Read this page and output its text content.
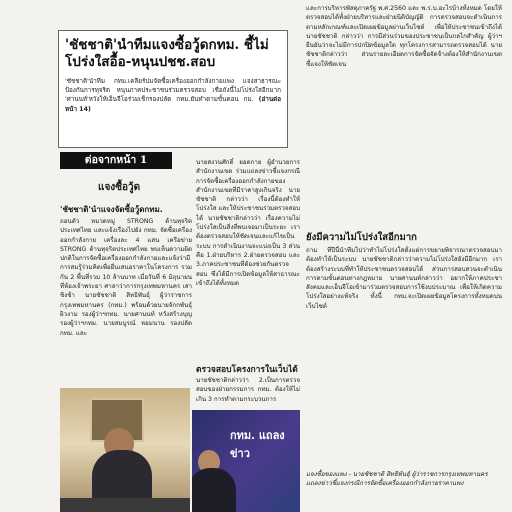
'ชัชชาติ'นำทีมแจงซื้อวู้ดกทม. ชี้ไม่โปร่งใสอื้อ-หนุนปชช.สอบ

'ชัชชาติ'นำทีม กทม.เคลียร์ปมจัดซื้อเครื่องออกกำลังกายแพง แจงสาธารณะป้องกันการทุจริต หนุนภาคประชาชนร่วมตรวจสอบ เชื่อถังนี้ไม่โปร่งใสอีกมาก 'ศานนท์'หวังให้เอ็นจีโอร่วมเช็กรองปลัด กทม.ยันทำตามขั้นตอน กม. (อ่านต่อหน้า 14)

ต่อจากหน้า 1
แจงซื้อวู้ด
'ชัชชาติ'นำแจงจัดซื้อวู้ดกทม.
ถอนตัว หมวดหมู่ STRONG ด้านทุจริตประเทศไทย และแจ้งเรื่องไปยัง กทม. จัดซื้อเครื่องออกกำลังกาย เครื่องละ 4 แสน เครือข่าย STRONG ต้านทุจริตประเทศไทย พบเห็นความผิดปกติในการจัดซื้อเครื่องออกกำลังกายและแจ้งว่ามีการสมรู้ร่วมคิดเพื่อยื่นเสนอราคาในโครงการ รวมกัน 2 พื้นที่รวม 10 ล้านบาท เมื่อวันที่ 6 มิถุนายน ที่ห้องเจ้าพระยา ศาลาว่าการกรุงเทพมหานคร เสาชิงช้า นายชัชชาติ สิทธิพันธุ์ ผู้ว่าราชการกรุงเทพมหานคร (กทม.) พร้อมด้วยนายจักกพันธุ์ ผิวงาม รองผู้ว่าฯกทม. นายศานนท์ หวังสร้างบุญ รองผู้ว่าฯกทม. นายสมบูรณ์ หอมนาน รองปลัด กทม. และ
นายสงวนศักดิ์ ยอดกาย ผู้อำนวยการสำนักงานเขต ร่วมแถลงข่าวชี้แจงกรณีการจัดซื้อเครื่องออกกำลังกายของสำนักงานเขตที่มีราคาสูงเกินจริง นายชัชชาติ กล่าวว่า เรื่องนี้ต้องทำให้โปร่งใส และให้ประชาชนร่วมตรวจสอบได้ นายชัชชาติกล่าวว่า เรื่องความไม่โปร่งใสเป็นสิ่งที่พบเจอมาเป็นระยะ เราต้องตรวจสอบให้ชัดเจนและแก้ไขเป็นระบบ การดำเนินงานจะแบ่งเป็น 3 ส่วน คือ 1.ฝ่ายบริหาร 2.ฝ่ายตรวจสอบ และ 3.ภาคประชาชนที่ต้องช่วยกันตรวจสอบ ซึ่งได้มีการเปิดข้อมูลให้สาธารณะเข้าถึงได้ทั้งหมด
ตรวจสอบโครงการในเว็บได้
นายชัชชาติกล่าวว่า 2.เป็นการตรวจสอบของฝ่ายกรรมการ กทม. ต้องให้ไม่เกิน 3 การทำตามกระบวนการ
กทม. แถลงข่าว
และการบริหารพัสดุภาครัฐ พ.ศ.2560 และ พ.ร.บ.อะไรบ้างทั้งหมด โดยให้ตรวจสอบได้ทั้งฝ่ายบริหารและฝ่ายนิติบัญญัติ การตรวจสอบจะดำเนินการตามหลักเกณฑ์และเปิดเผยข้อมูลผ่านเว็บไซต์ เพื่อให้ประชาชนเข้าถึงได้ นายชัชชาติ กล่าวว่า การมีส่วนร่วมของประชาชนเป็นกลไกสำคัญ ผู้ว่าฯยืนยันว่าจะไม่มีการปกปิดข้อมูลใด ทุกโครงการสามารถตรวจสอบได้ นายชัชชาติกล่าวว่า ส่วนรายละเอียดการจัดซื้อจัดจ้างต้องให้สำนักงานเขตชี้แจงให้ชัดเจน
ยังมีความไม่โปร่งใสอีกมาก
ถาม ที่ปีนี้นำทีมไปว่าทำไม่โปร่งใสตั้งแต่การขยายพิจารณาตรวจสอบมา ต้องทำให้เป็นระบบ นายชัชชาติกล่าวว่าความไม่โปร่งใสยังมีอีกมาก เราต้องสร้างระบบที่ทำให้ประชาชนตรวจสอบได้ ส่วนการสอบสวนจะดำเนินการตามขั้นตอนทางกฎหมาย นายศานนท์กล่าวว่า อยากให้ภาคประชาสังคมและเอ็นจีโอเข้ามาร่วมตรวจสอบการใช้งบประมาณ เพื่อให้เกิดความโปร่งใสอย่างแท้จริง ทั้งนี้ กทม.จะเปิดเผยข้อมูลโครงการทั้งหมดบนเว็บไซต์
แจงซื้อของแพง - นายชัชชาติ สิทธิพันธุ์ ผู้ว่าราชการกรุงเทพมหานคร แถลงข่าวชี้แจงกรณีการจัดซื้อเครื่องออกกำลังกายราคาแพง
